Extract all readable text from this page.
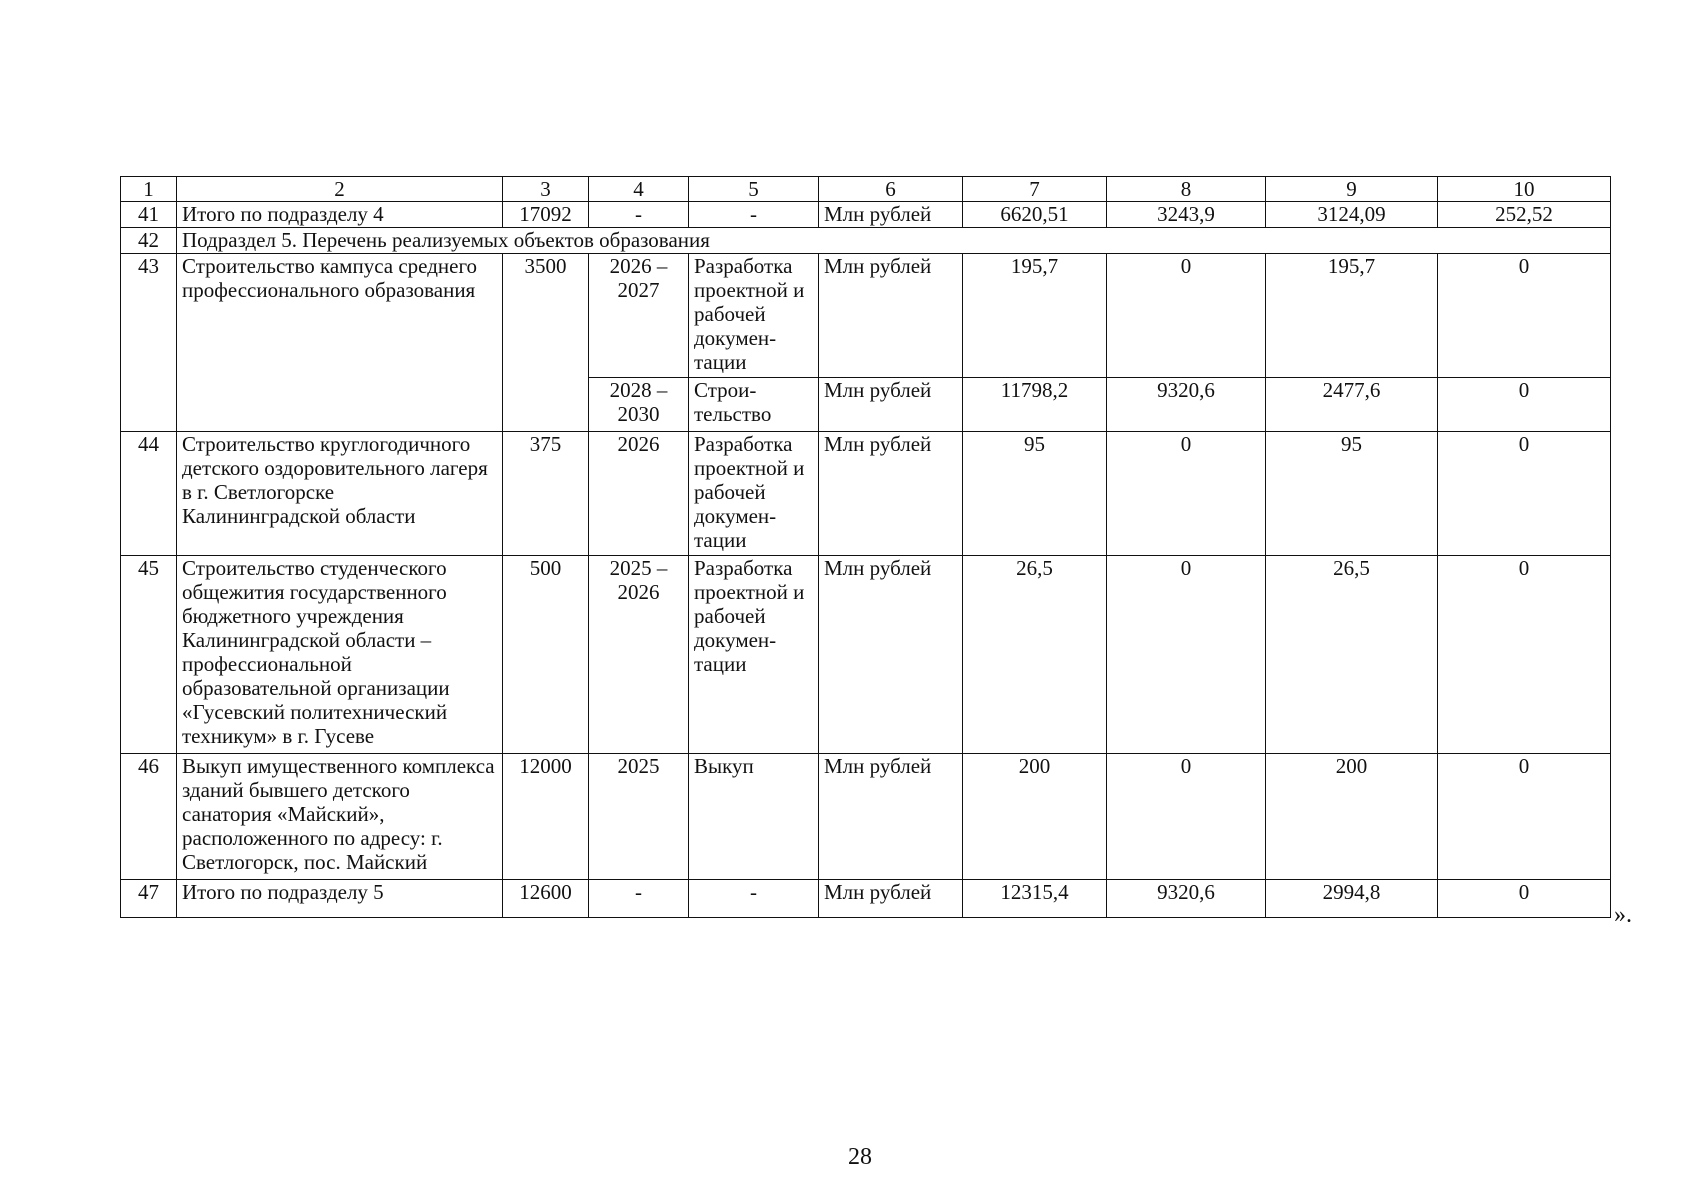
1	2	3	4	5	6	7	8	9	10
41	Итого по подразделу 4	17092	-	-	Млн рублей	6620,51	3243,9	3124,09	252,52
42	Подраздел 5. Перечень реализуемых объектов образования								
43	Строительство кампуса среднего профессионального образования	3500	2026 – 2027	Разработка проектной и рабочей докумен-тации	Млн рублей	195,7	0	195,7	0
			2028 – 2030	Строи-тельство	Млн рублей	11798,2	9320,6	2477,6	0
44	Строительство круглогодичного детского оздоровительного лагеря в г. Светлогорске Калининградской области	375	2026	Разработка проектной и рабочей докумен-тации	Млн рублей	95	0	95	0
45	Строительство студенческого общежития государственного бюджетного учреждения Калининградской области – профессиональной образовательной организации «Гусевский политехнический техникум» в г. Гусеве	500	2025 – 2026	Разработка проектной и рабочей докумен-тации	Млн рублей	26,5	0	26,5	0
46	Выкуп имущественного комплекса зданий бывшего детского санатория «Майский», расположенного по адресу: г. Светлогорск, пос. Майский	12000	2025	Выкуп	Млн рублей	200	0	200	0
47	Итого по подразделу 5	12600	-	-	Млн рублей	12315,4	9320,6	2994,8	0
».
28
